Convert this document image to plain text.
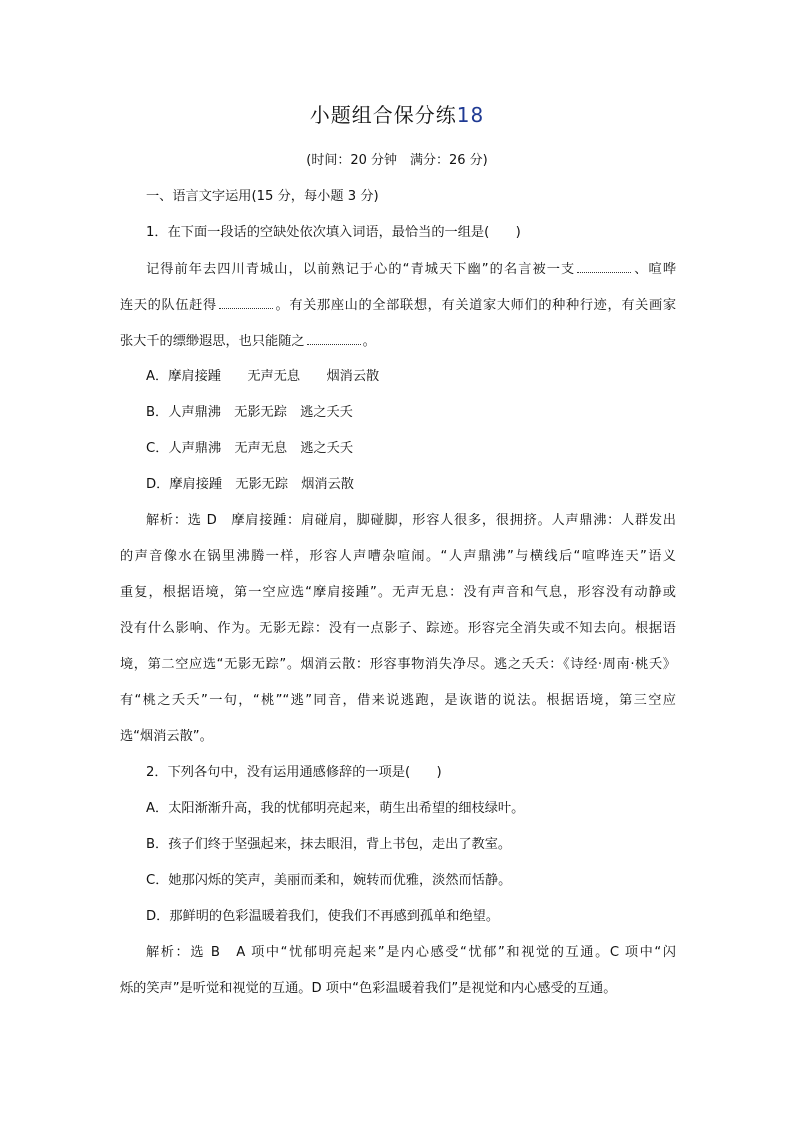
小题组合保分练18
(时间：20 分钟　满分：26 分)
一、语言文字运用(15 分，每小题 3 分)
1．在下面一段话的空缺处依次填入词语，最恰当的一组是(　　)
记得前年去四川青城山，以前熟记于心的“青城天下幽”的名言被一支	、喧哗
连天的队伍赶得	。有关那座山的全部联想，有关道家大师们的种种行迹，有关画家
张大千的缥缈遐思，也只能随之	。
A．摩肩接踵　　无声无息　　烟消云散
B．人声鼎沸　无影无踪　逃之夭夭
C．人声鼎沸　无声无息　逃之夭夭
D．摩肩接踵　无影无踪　烟消云散
解析：选 D　摩肩接踵：肩碰肩，脚碰脚，形容人很多，很拥挤。人声鼎沸：人群发出
的声音像水在锅里沸腾一样，形容人声嘈杂喧闹。“人声鼎沸”与横线后“喧哗连天”语义
重复，根据语境，第一空应选“摩肩接踵”。无声无息：没有声音和气息，形容没有动静或
没有什么影响、作为。无影无踪：没有一点影子、踪迹。形容完全消失或不知去向。根据语
境，第二空应选“无影无踪”。烟消云散：形容事物消失净尽。逃之夭夭：《诗经·周南·桃夭》
有“桃之夭夭”一句，“桃”“逃”同音，借来说逃跑，是诙谐的说法。根据语境，第三空应
选“烟消云散”。
2．下列各句中，没有运用通感修辞的一项是(　　)
A．太阳渐渐升高，我的忧郁明亮起来，萌生出希望的细枝绿叶。
B．孩子们终于坚强起来，抹去眼泪，背上书包，走出了教室。
C．她那闪烁的笑声，美丽而柔和，婉转而优雅，淡然而恬静。
D．那鲜明的色彩温暖着我们，使我们不再感到孤单和绝望。
解析：选 B　A 项中“忧郁明亮起来”是内心感受“忧郁”和视觉的互通。C 项中“闪
烁的笑声”是听觉和视觉的互通。D 项中“色彩温暖着我们”是视觉和内心感受的互通。
